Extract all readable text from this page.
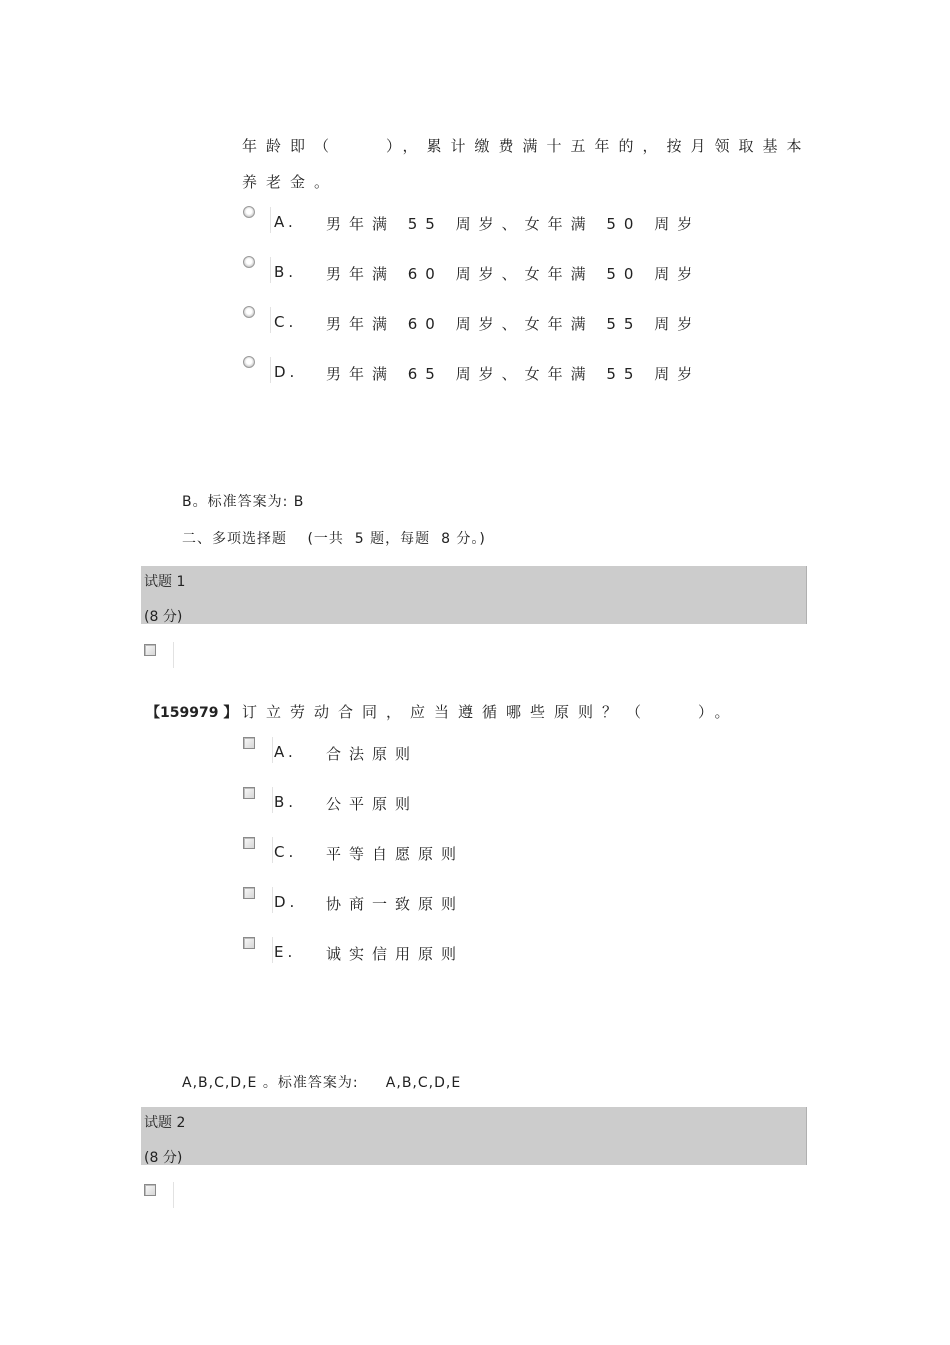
年龄即（　　），累计缴费满十五年的，按月领取基本
养老金。
A. 男年满 55 周岁、女年满 50 周岁
B. 男年满 60 周岁、女年满 50 周岁
C. 男年满 60 周岁、女年满 55 周岁
D. 男年满 65 周岁、女年满 55 周岁
B。标准答案为: B
二、多项选择题　 (一共  5 题，每题  8 分。)
试题 1
(8 分)
【159979 】 订立劳动合同，应当遵循哪些原则？（　　）。
A. 合法原则
B. 公平原则
C. 平等自愿原则
D. 协商一致原则
E. 诚实信用原则
A,B,C,D,E 。标准答案为:     A,B,C,D,E
试题 2
(8 分)
